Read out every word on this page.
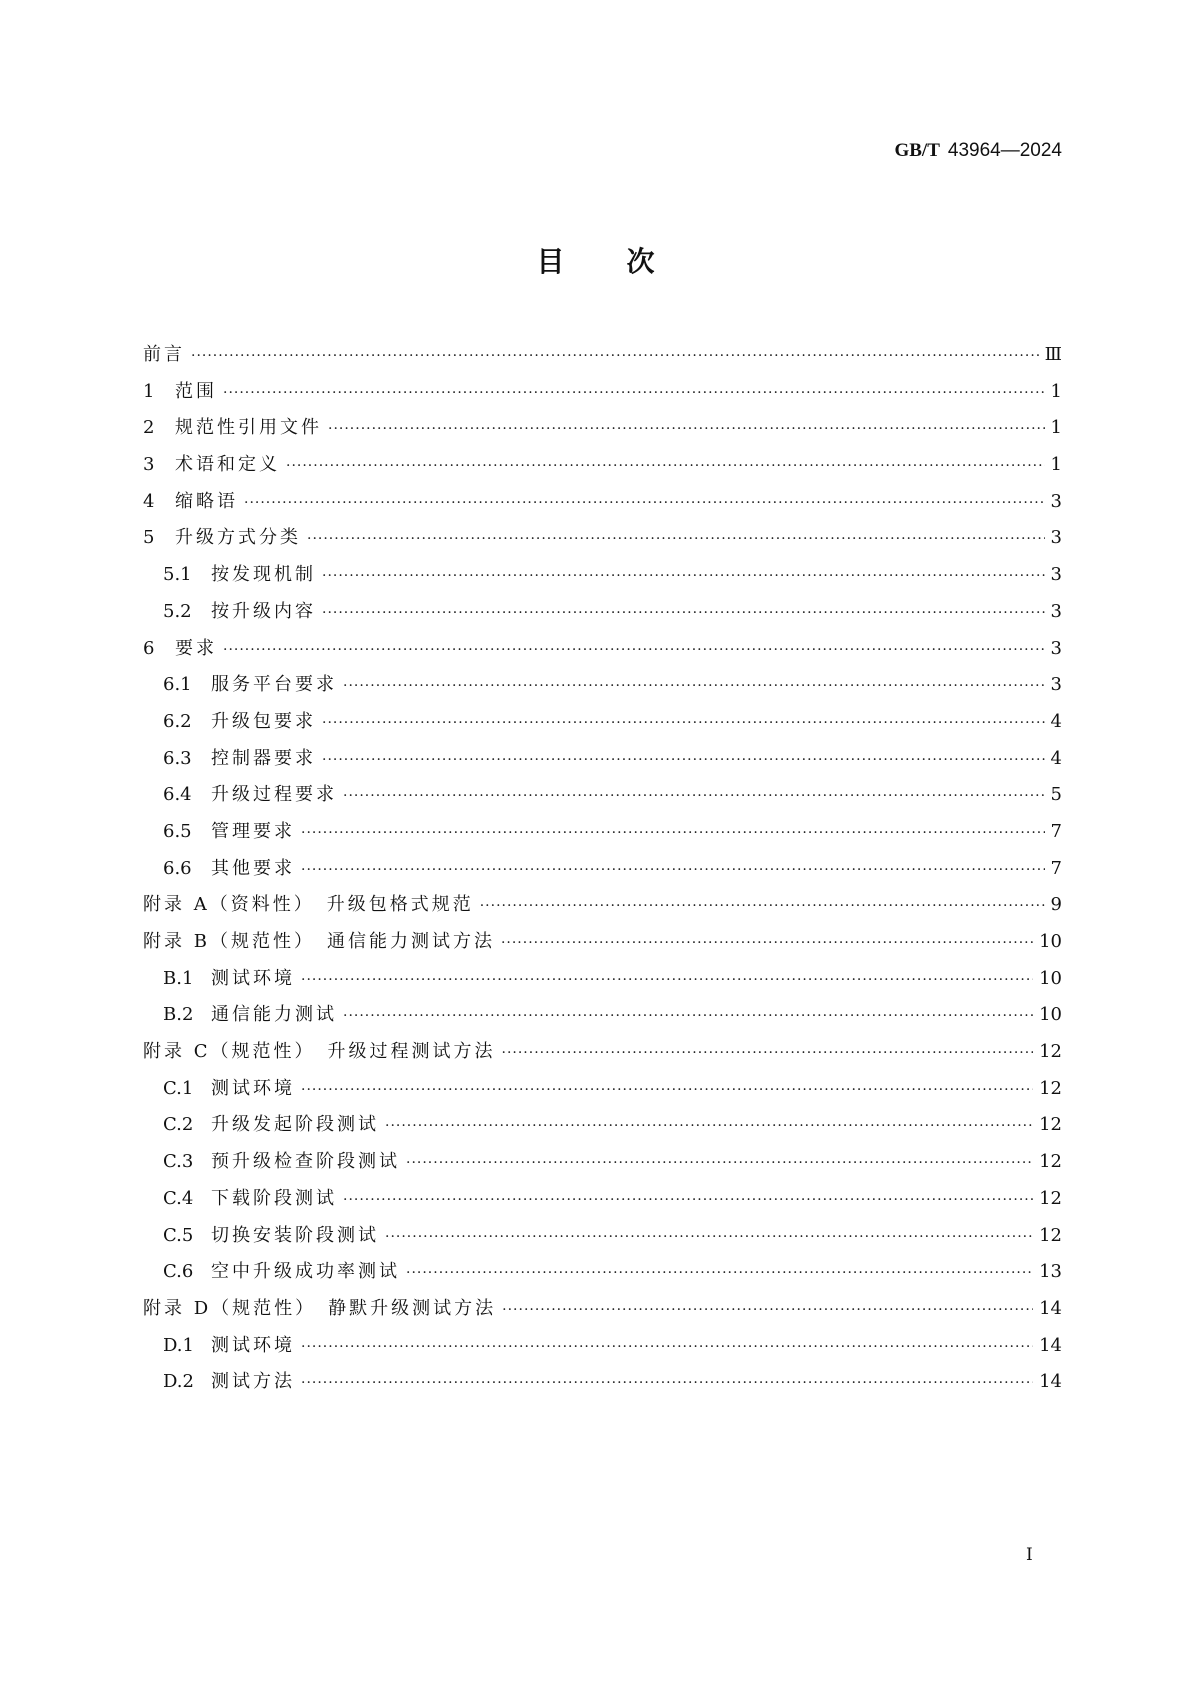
GB/T 43964—2024
目次
前言 ·····	Ⅲ
1	范围 ·····	1
2	规范性引用文件 ·····	1
3	术语和定义 ·····	1
4	缩略语 ·····	3
5	升级方式分类 ·····	3
5.1	按发现机制 ·····	3
5.2	按升级内容 ·····	3
6	要求 ·····	3
6.1	服务平台要求 ·····	3
6.2	升级包要求 ·····	4
6.3	控制器要求 ·····	4
6.4	升级过程要求 ·····	5
6.5	管理要求 ·····	7
6.6	其他要求 ·····	7
附录 A（资料性）　升级包格式规范 ·····	9
附录 B（规范性）　通信能力测试方法 ·····	10
B.1 测试环境 ·····	10
B.2 通信能力测试 ·····	10
附录 C（规范性）　升级过程测试方法 ·····	12
C.1 测试环境 ·····	12
C.2 升级发起阶段测试 ·····	12
C.3 预升级检查阶段测试 ·····	12
C.4 下载阶段测试 ·····	12
C.5 切换安装阶段测试 ·····	12
C.6 空中升级成功率测试 ·····	13
附录 D（规范性）　静默升级测试方法 ·····	14
D.1 测试环境 ·····	14
D.2 测试方法 ·····	14
I
